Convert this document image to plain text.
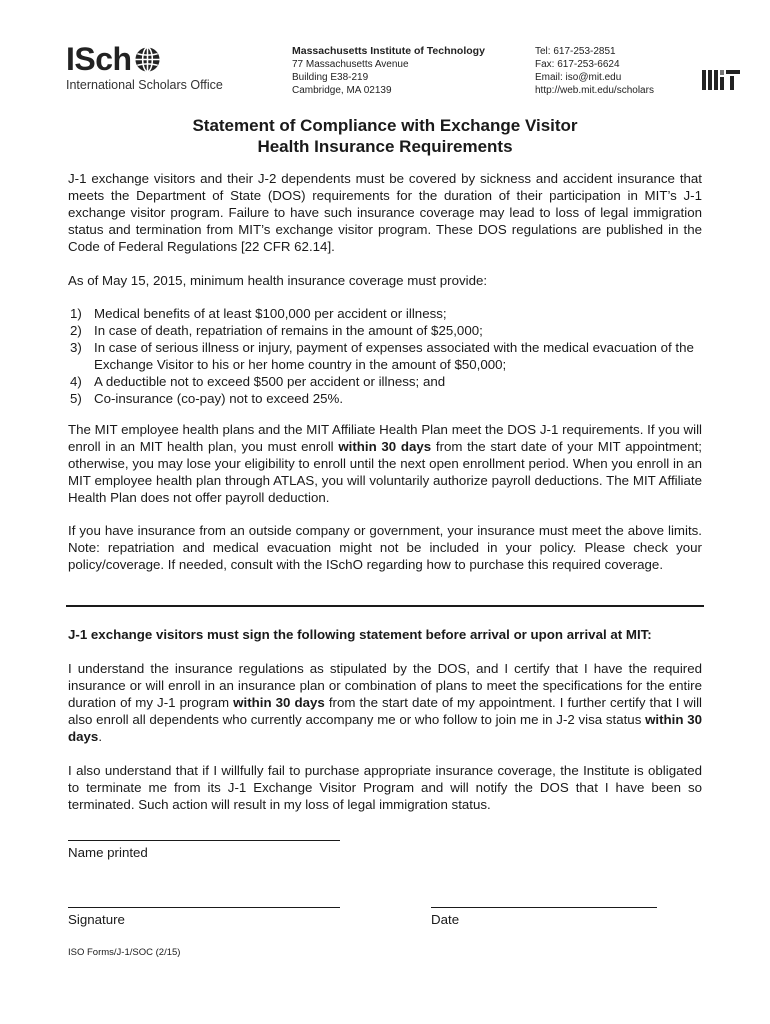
ISch
International Scholars Office
Massachusetts Institute of Technology
77 Massachusetts Avenue
Building E38-219
Cambridge, MA 02139
Tel: 617-253-2851
Fax: 617-253-6624
Email: iso@mit.edu
http://web.mit.edu/scholars
Statement of Compliance with Exchange Visitor
Health Insurance Requirements
J-1 exchange visitors and their J-2 dependents must be covered by sickness and accident insurance that meets the Department of State (DOS) requirements for the duration of their participation in MIT’s J-1 exchange visitor program. Failure to have such insurance coverage may lead to loss of legal immigration status and termination from MIT’s exchange visitor program. These DOS regulations are published in the Code of Federal Regulations [22 CFR 62.14].
As of May 15, 2015, minimum health insurance coverage must provide:
1) Medical benefits of at least $100,000 per accident or illness;
2) In case of death, repatriation of remains in the amount of $25,000;
3) In case of serious illness or injury, payment of expenses associated with the medical evacuation of the Exchange Visitor to his or her home country in the amount of $50,000;
4) A deductible not to exceed $500 per accident or illness; and
5) Co-insurance (co-pay) not to exceed 25%.
The MIT employee health plans and the MIT Affiliate Health Plan meet the DOS J-1 requirements. If you will enroll in an MIT health plan, you must enroll within 30 days from the start date of your MIT appointment; otherwise, you may lose your eligibility to enroll until the next open enrollment period. When you enroll in an MIT employee health plan through ATLAS, you will voluntarily authorize payroll deductions. The MIT Affiliate Health Plan does not offer payroll deduction.
If you have insurance from an outside company or government, your insurance must meet the above limits. Note: repatriation and medical evacuation might not be included in your policy. Please check your policy/coverage. If needed, consult with the ISchO regarding how to purchase this required coverage.
J-1 exchange visitors must sign the following statement before arrival or upon arrival at MIT:
I understand the insurance regulations as stipulated by the DOS, and I certify that I have the required insurance or will enroll in an insurance plan or combination of plans to meet the specifications for the entire duration of my J-1 program within 30 days from the start date of my appointment. I further certify that I will also enroll all dependents who currently accompany me or who follow to join me in J-2 visa status within 30 days.
I also understand that if I willfully fail to purchase appropriate insurance coverage, the Institute is obligated to terminate me from its J-1 Exchange Visitor Program and will notify the DOS that I have been so terminated. Such action will result in my loss of legal immigration status.
Name printed
Signature	Date
ISO Forms/J-1/SOC (2/15)
